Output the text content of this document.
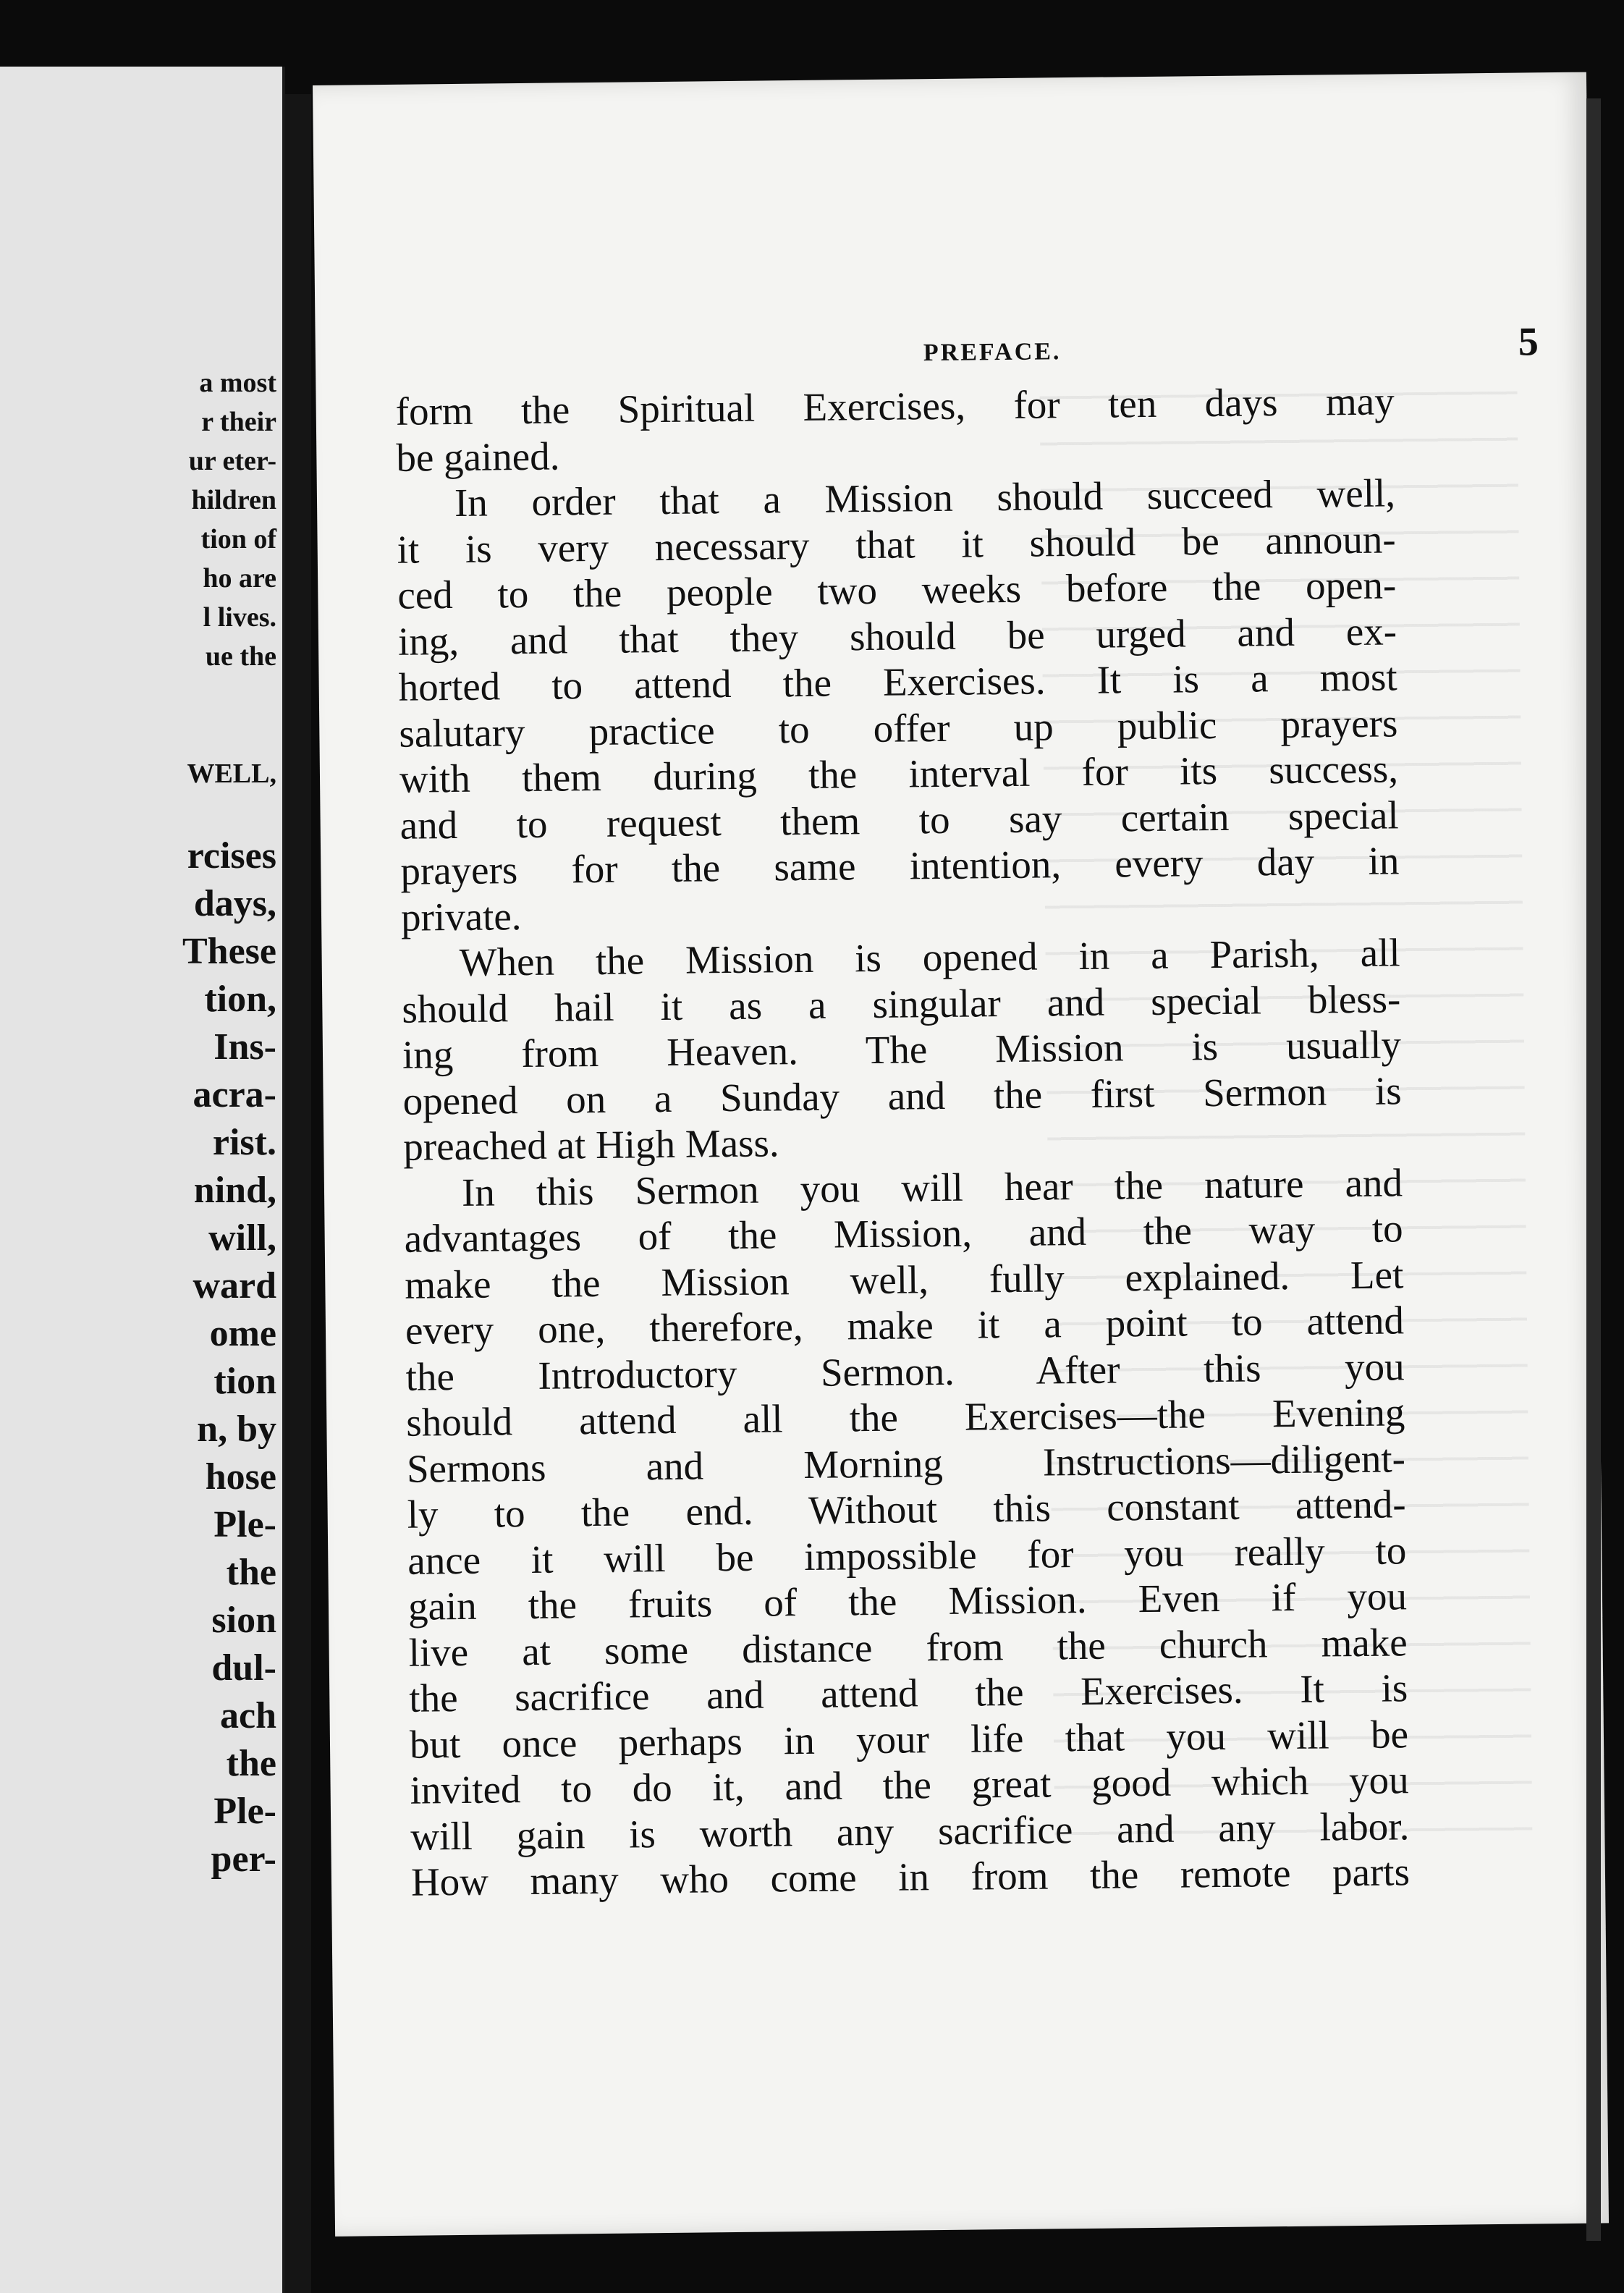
a most
r their
ur eter-
hildren
tion of
ho are
l lives.
ue the
WELL,
rcises
days,
These
tion,
Ins-
acra-
rist.
nind,
will,
ward
ome
tion
n, by
hose
Ple-
the
sion
dul-
ach
the
Ple-
per-
PREFACE.	5
form the Spiritual Exercises, for ten days may
be gained.
In order that a Mission should succeed well,
it is very necessary that it should be announ-
ced to the people two weeks before the open-
ing, and that they should be urged and ex-
horted to attend the Exercises. It is a most
salutary practice to offer up public prayers
with them during the interval for its success,
and to request them to say certain special
prayers for the same intention, every day in
private.
When the Mission is opened in a Parish, all
should hail it as a singular and special bless-
ing from Heaven. The Mission is usually
opened on a Sunday and the first Sermon is
preached at High Mass.
In this Sermon you will hear the nature and
advantages of the Mission, and the way to
make the Mission well, fully explained. Let
every one, therefore, make it a point to attend
the Introductory Sermon. After this you
should attend all the Exercises—the Evening
Sermons and Morning Instructions—diligent-
ly to the end. Without this constant attend-
ance it will be impossible for you really to
gain the fruits of the Mission. Even if you
live at some distance from the church make
the sacrifice and attend the Exercises. It is
but once perhaps in your life that you will be
invited to do it, and the great good which you
will gain is worth any sacrifice and any labor.
How many who come in from the remote parts
